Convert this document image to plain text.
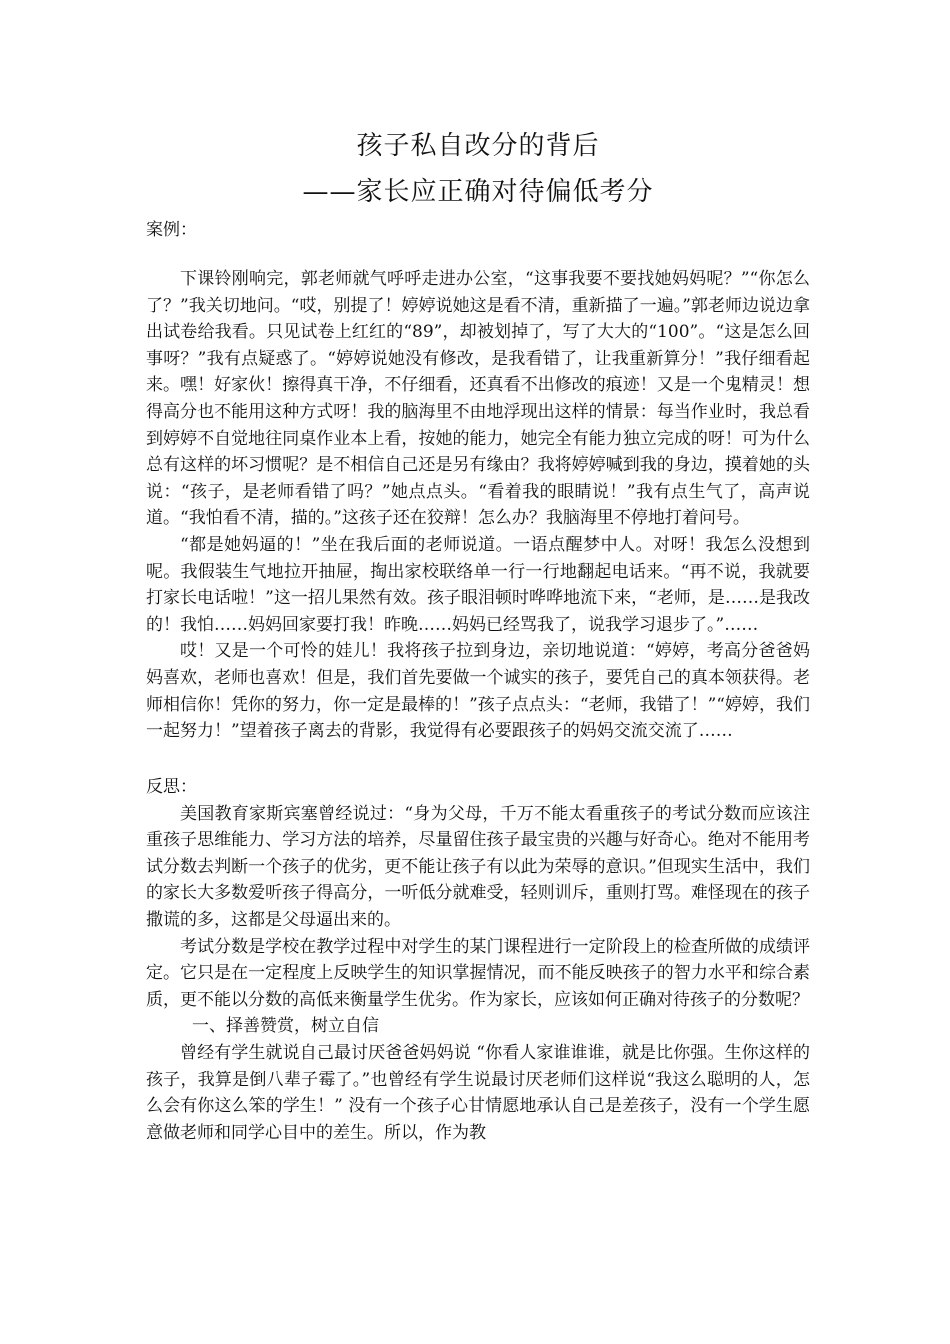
孩子私自改分的背后
——家长应正确对待偏低考分

案例：

下课铃刚响完，郭老师就气呼呼走进办公室，“这事我要不要找她妈妈呢？”“你怎么了？”我关切地问。“哎，别提了！婷婷说她这是看不清，重新描了一遍。”郭老师边说边拿出试卷给我看。只见试卷上红红的“89”，却被划掉了，写了大大的“100”。“这是怎么回事呀？”我有点疑惑了。“婷婷说她没有修改，是我看错了，让我重新算分！”我仔细看起来。嘿！好家伙！擦得真干净，不仔细看，还真看不出修改的痕迹！又是一个鬼精灵！想得高分也不能用这种方式呀！我的脑海里不由地浮现出这样的情景：每当作业时，我总看到婷婷不自觉地往同桌作业本上看，按她的能力，她完全有能力独立完成的呀！可为什么总有这样的坏习惯呢？是不相信自己还是另有缘由？我将婷婷喊到我的身边，摸着她的头说：“孩子，是老师看错了吗？”她点点头。“看着我的眼睛说！”我有点生气了，高声说道。“我怕看不清，描的。”这孩子还在狡辩！怎么办？我脑海里不停地打着问号。

“都是她妈逼的！”坐在我后面的老师说道。一语点醒梦中人。对呀！我怎么没想到呢。我假装生气地拉开抽屉，掏出家校联络单一行一行地翻起电话来。“再不说，我就要打家长电话啦！”这一招儿果然有效。孩子眼泪顿时哗哗地流下来，“老师，是……是我改的！我怕……妈妈回家要打我！昨晚……妈妈已经骂我了，说我学习退步了。”……

哎！又是一个可怜的娃儿！我将孩子拉到身边，亲切地说道：“婷婷，考高分爸爸妈妈喜欢，老师也喜欢！但是，我们首先要做一个诚实的孩子，要凭自己的真本领获得。老师相信你！凭你的努力，你一定是最棒的！”孩子点点头：“老师，我错了！”“婷婷，我们一起努力！”望着孩子离去的背影，我觉得有必要跟孩子的妈妈交流交流了……

反思：

美国教育家斯宾塞曾经说过：“身为父母，千万不能太看重孩子的考试分数而应该注重孩子思维能力、学习方法的培养，尽量留住孩子最宝贵的兴趣与好奇心。绝对不能用考试分数去判断一个孩子的优劣，更不能让孩子有以此为荣辱的意识。”但现实生活中，我们的家长大多数爱听孩子得高分，一听低分就难受，轻则训斥，重则打骂。难怪现在的孩子撒谎的多，这都是父母逼出来的。

考试分数是学校在教学过程中对学生的某门课程进行一定阶段上的检查所做的成绩评定。它只是在一定程度上反映学生的知识掌握情况，而不能反映孩子的智力水平和综合素质，更不能以分数的高低来衡量学生优劣。作为家长，应该如何正确对待孩子的分数呢？

一、择善赞赏，树立自信

曾经有学生就说自己最讨厌爸爸妈妈说 “你看人家谁谁谁，就是比你强。生你这样的孩子，我算是倒八辈子霉了。”也曾经有学生说最讨厌老师们这样说“我这么聪明的人，怎么会有你这么笨的学生！” 没有一个孩子心甘情愿地承认自己是差孩子，没有一个学生愿意做老师和同学心目中的差生。所以，作为教
